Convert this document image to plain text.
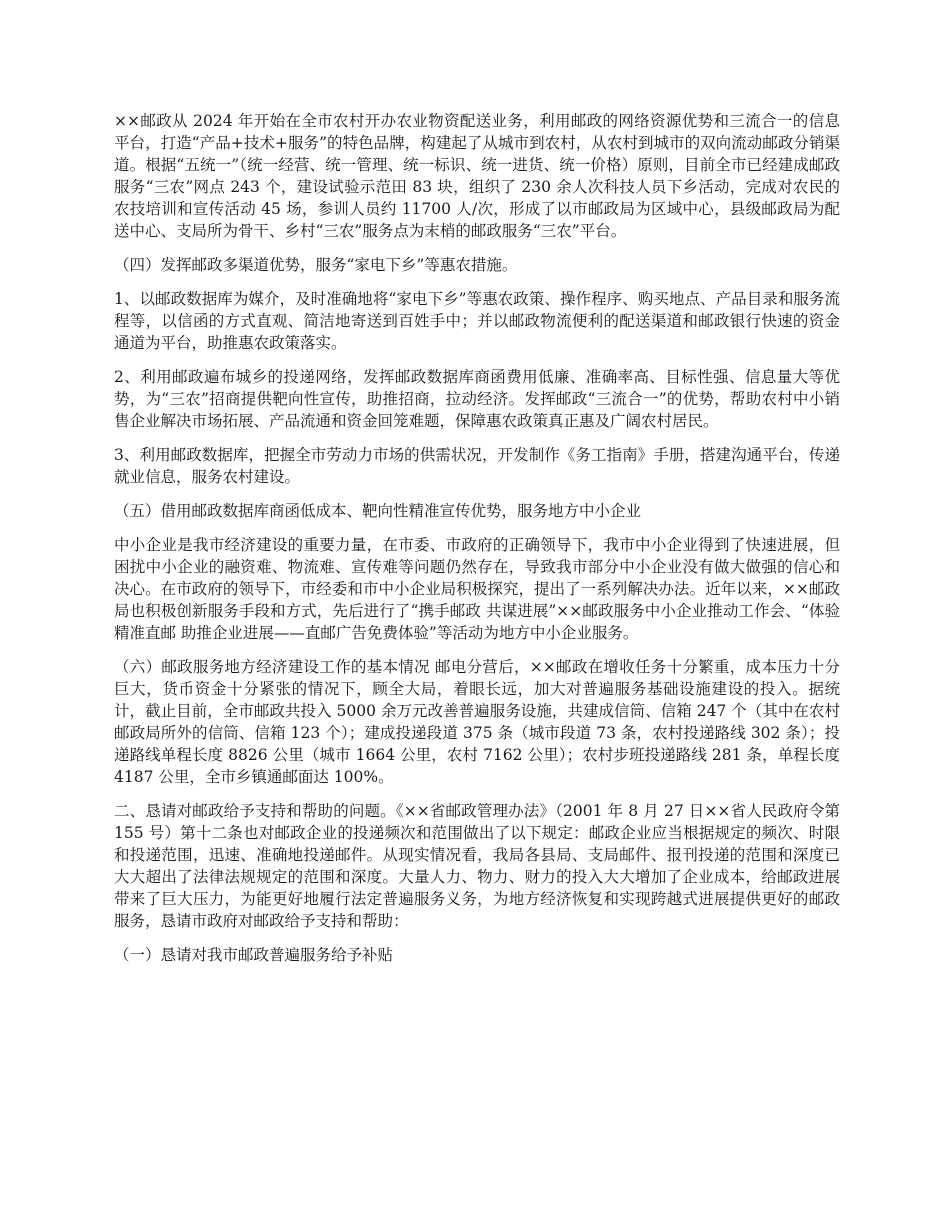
××邮政从 2024 年开始在全市农村开办农业物资配送业务，利用邮政的网络资源优势和三流合一的信息平台，打造“产品+技术+服务”的特色品牌，构建起了从城市到农村，从农村到城市的双向流动邮政分销渠道。根据“五统一”（统一经营、统一管理、统一标识、统一进货、统一价格）原则，目前全市已经建成邮政服务“三农”网点 243 个，建设试验示范田 83 块，组织了 230 余人次科技人员下乡活动，完成对农民的农技培训和宣传活动 45 场，参训人员约 11700 人/次，形成了以市邮政局为区域中心，县级邮政局为配送中心、支局所为骨干、乡村“三农”服务点为末梢的邮政服务“三农”平台。

（四）发挥邮政多渠道优势，服务“家电下乡”等惠农措施。

1、以邮政数据库为媒介，及时准确地将“家电下乡”等惠农政策、操作程序、购买地点、产品目录和服务流程等，以信函的方式直观、简洁地寄送到百姓手中；并以邮政物流便利的配送渠道和邮政银行快速的资金通道为平台，助推惠农政策落实。

2、利用邮政遍布城乡的投递网络，发挥邮政数据库商函费用低廉、准确率高、目标性强、信息量大等优势，为“三农”招商提供靶向性宣传，助推招商，拉动经济。发挥邮政“三流合一”的优势，帮助农村中小销售企业解决市场拓展、产品流通和资金回笼难题，保障惠农政策真正惠及广阔农村居民。

3、利用邮政数据库，把握全市劳动力市场的供需状况，开发制作《务工指南》手册，搭建沟通平台，传递就业信息，服务农村建设。

（五）借用邮政数据库商函低成本、靶向性精准宣传优势，服务地方中小企业

中小企业是我市经济建设的重要力量，在市委、市政府的正确领导下，我市中小企业得到了快速进展，但困扰中小企业的融资难、物流难、宣传难等问题仍然存在，导致我市部分中小企业没有做大做强的信心和决心。在市政府的领导下，市经委和市中小企业局积极探究，提出了一系列解决办法。近年以来，××邮政局也积极创新服务手段和方式，先后进行了“携手邮政 共谋进展”××邮政服务中小企业推动工作会、“体验精准直邮 助推企业进展——直邮广告免费体验”等活动为地方中小企业服务。

（六）邮政服务地方经济建设工作的基本情况 邮电分营后，××邮政在增收任务十分繁重，成本压力十分巨大，货币资金十分紧张的情况下，顾全大局，着眼长远，加大对普遍服务基础设施建设的投入。据统计，截止目前，全市邮政共投入 5000 余万元改善普遍服务设施，共建成信筒、信箱 247 个（其中在农村邮政局所外的信筒、信箱 123 个）；建成投递段道 375 条（城市段道 73 条，农村投递路线 302 条）；投递路线单程长度 8826 公里（城市 1664 公里，农村 7162 公里）；农村步班投递路线 281 条，单程长度 4187 公里，全市乡镇通邮面达 100%。

二、恳请对邮政给予支持和帮助的问题。《××省邮政管理办法》（2001 年 8 月 27 日××省人民政府令第 155 号）第十二条也对邮政企业的投递频次和范围做出了以下规定：邮政企业应当根据规定的频次、时限和投递范围，迅速、准确地投递邮件。从现实情况看，我局各县局、支局邮件、报刊投递的范围和深度已大大超出了法律法规规定的范围和深度。大量人力、物力、财力的投入大大增加了企业成本，给邮政进展带来了巨大压力，为能更好地履行法定普遍服务义务，为地方经济恢复和实现跨越式进展提供更好的邮政服务，恳请市政府对邮政给予支持和帮助：

（一）恳请对我市邮政普遍服务给予补贴
